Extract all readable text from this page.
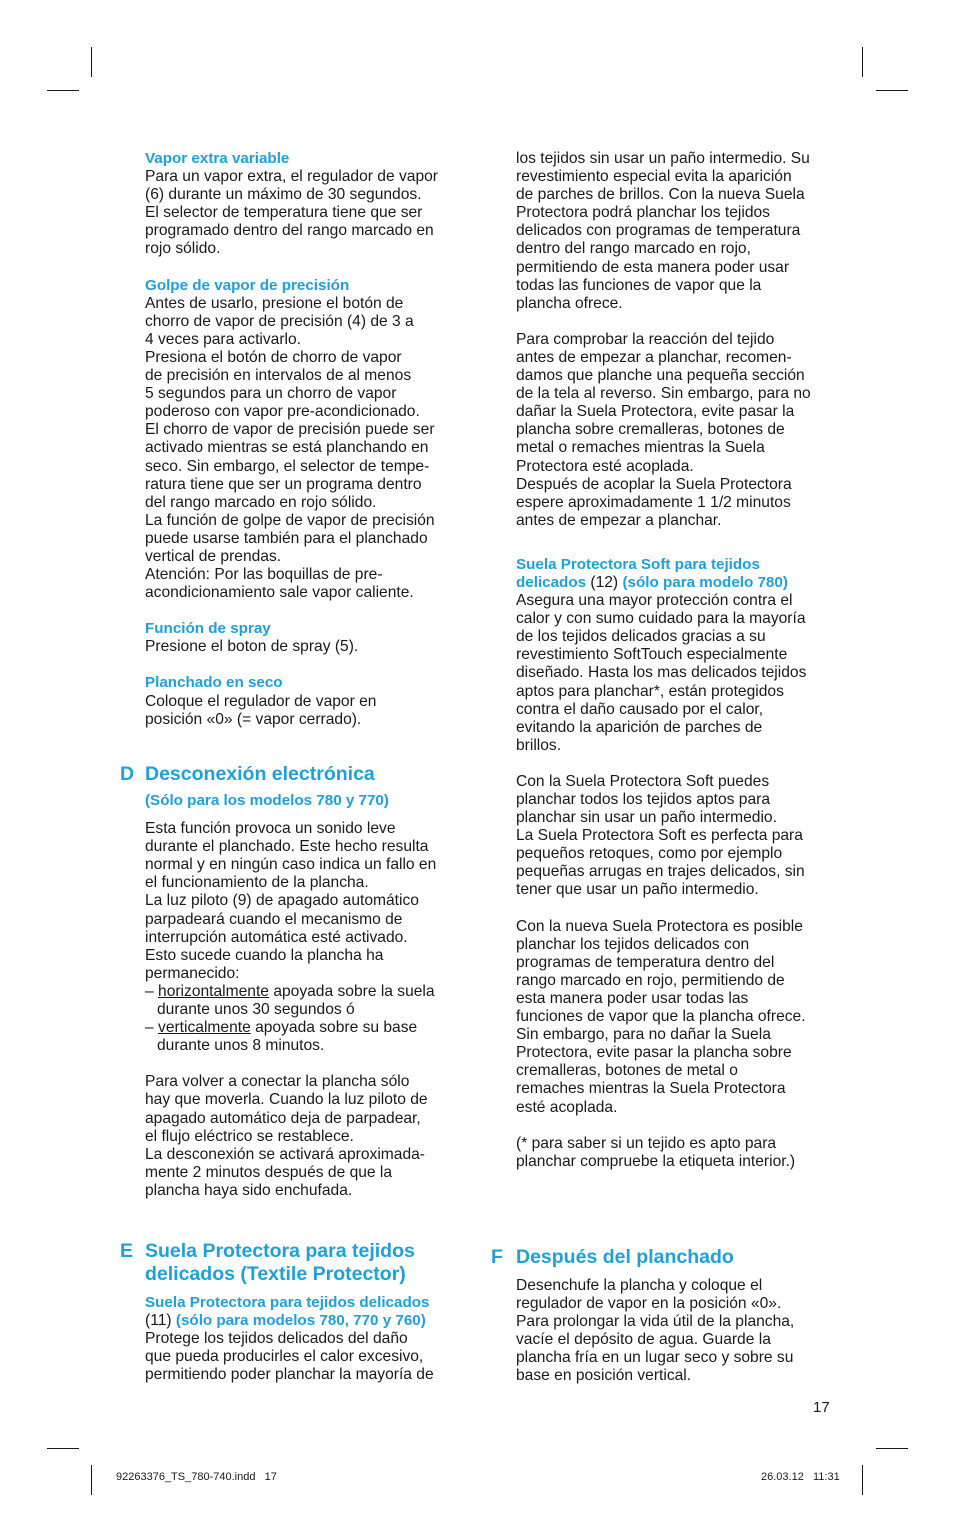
Vapor extra variable

Para un vapor extra, el regulador de vapor

(6) durante un máximo de 30 segundos.

El selector de temperatura tiene que ser

programado dentro del rango marcado en

rojo sólido.

Golpe de vapor de precisión

Antes de usarlo, presione el botón de

chorro de vapor de precisión (4) de 3 a

4 veces para activarlo.

Presiona el botón de chorro de vapor

de precisión en intervalos de al menos

5 segundos para un chorro de vapor

poderoso con vapor pre-acondicionado.

El chorro de vapor de precisión puede ser

activado mientras se está planchando en

seco. Sin embargo, el selector de tempe-

ratura tiene que ser un programa dentro

del rango marcado en rojo sólido.

La función de golpe de vapor de precisión

puede usarse también para el planchado

vertical de prendas.

Atención: Por las boquillas de pre-

acondicionamiento sale vapor caliente.

Función de spray

Presione el boton de spray (5).

Planchado en seco

Coloque el regulador de vapor en

posición «0» (= vapor cerrado).

D Desconexión electrónica
(Sólo para los modelos 780 y 770)

Esta función provoca un sonido leve

durante el planchado. Este hecho resulta

normal y en ningún caso indica un fallo en

el funcionamiento de la plancha.

La luz piloto (9) de apagado automático

parpadeará cuando el mecanismo de

interrupción automática esté activado.

Esto sucede cuando la plancha ha

permanecido:

– horizontalmente apoyada sobre la suela

durante unos 30 segundos ó

– verticalmente apoyada sobre su base

durante unos 8 minutos.

Para volver a conectar la plancha sólo

hay que moverla. Cuando la luz piloto de

apagado automático deja de parpadear,

el flujo eléctrico se restablece.

La desconexión se activará aproximada-

mente 2 minutos después de que la

plancha haya sido enchufada.

E Suela Protectora para tejidos
delicados (Textile Protector)
Suela Protectora para tejidos delicados

(11) (sólo para modelos 780, 770 y 760)

Protege los tejidos delicados del daño

que pueda producirles el calor excesivo,

permitiendo poder planchar la mayoría de

los tejidos sin usar un paño intermedio. Su

revestimiento especial evita la aparición

de parches de brillos. Con la nueva Suela

Protectora podrá planchar los tejidos

delicados con programas de temperatura

dentro del rango marcado en rojo,

permitiendo de esta manera poder usar

todas las funciones de vapor que la

plancha ofrece.

Para comprobar la reacción del tejido

antes de empezar a planchar, recomen-

damos que planche una pequeña sección

de la tela al reverso. Sin embargo, para no

dañar la Suela Protectora, evite pasar la

plancha sobre cremalleras, botones de

metal o remaches mientras la Suela

Protectora esté acoplada.

Después de acoplar la Suela Protectora

espere aproximadamente 1 1/2 minutos

antes de empezar a planchar.

Suela Protectora Soft para tejidos

delicados (12) (sólo para modelo 780)

Asegura una mayor protección contra el

calor y con sumo cuidado para la mayoría

de los tejidos delicados gracias a su

revestimiento SoftTouch especialmente

diseñado. Hasta los mas delicados tejidos

aptos para planchar*, están protegidos

contra el daño causado por el calor,

evitando la aparición de parches de

brillos.

Con la Suela Protectora Soft puedes

planchar todos los tejidos aptos para

planchar sin usar un paño intermedio.

La Suela Protectora Soft es perfecta para

pequeños retoques, como por ejemplo

pequeñas arrugas en trajes delicados, sin

tener que usar un paño intermedio.

Con la nueva Suela Protectora es posible

planchar los tejidos delicados con

programas de temperatura dentro del

rango marcado en rojo, permitiendo de

esta manera poder usar todas las

funciones de vapor que la plancha ofrece.

Sin embargo, para no dañar la Suela

Protectora, evite pasar la plancha sobre

cremalleras, botones de metal o

remaches mientras la Suela Protectora

esté acoplada.

(* para saber si un tejido es apto para

planchar compruebe la etiqueta interior.)

F Después del planchado

Desenchufe la plancha y coloque el

regulador de vapor en la posición «0».

Para prolongar la vida útil de la plancha,

vacíe el depósito de agua. Guarde la

plancha fría en un lugar seco y sobre su

base en posición vertical.

17
92263376_TS_780-740.indd   17	26.03.12   11:31
